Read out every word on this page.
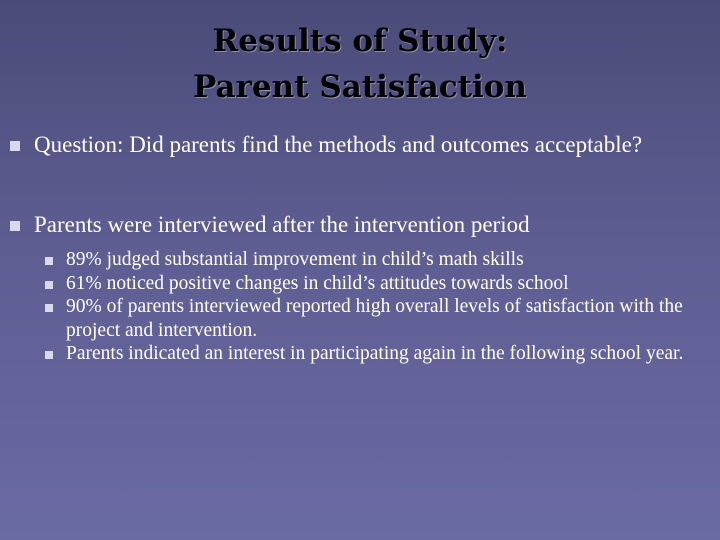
Results of Study:
Parent Satisfaction
Question: Did parents find the methods and outcomes acceptable?
Parents were interviewed after the intervention period
89% judged substantial improvement in child’s math skills
61% noticed positive changes in child’s attitudes towards school
90% of parents interviewed reported high overall levels of satisfaction with the project and intervention.
Parents indicated an interest in participating again in the following school year.
